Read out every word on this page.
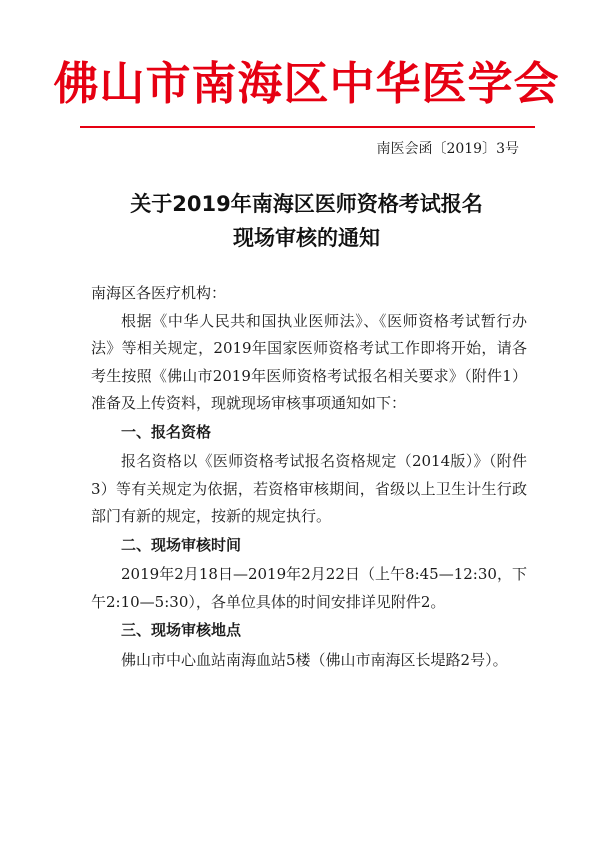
佛山市南海区中华医学会
南医会函〔2019〕3号
关于2019年南海区医师资格考试报名
现场审核的通知

南海区各医疗机构：

根据《中华人民共和国执业医师法》、《医师资格考试暂行办法》等相关规定，2019年国家医师资格考试工作即将开始，请各考生按照《佛山市2019年医师资格考试报名相关要求》（附件1）准备及上传资料，现就现场审核事项通知如下：

一、报名资格

报名资格以《医师资格考试报名资格规定（2014版）》（附件3）等有关规定为依据，若资格审核期间，省级以上卫生计生行政部门有新的规定，按新的规定执行。

二、现场审核时间

2019年2月18日—2019年2月22日（上午8:45—12:30，下午2:10—5:30），各单位具体的时间安排详见附件2。

三、现场审核地点

佛山市中心血站南海血站5楼（佛山市南海区长堤路2号）。
